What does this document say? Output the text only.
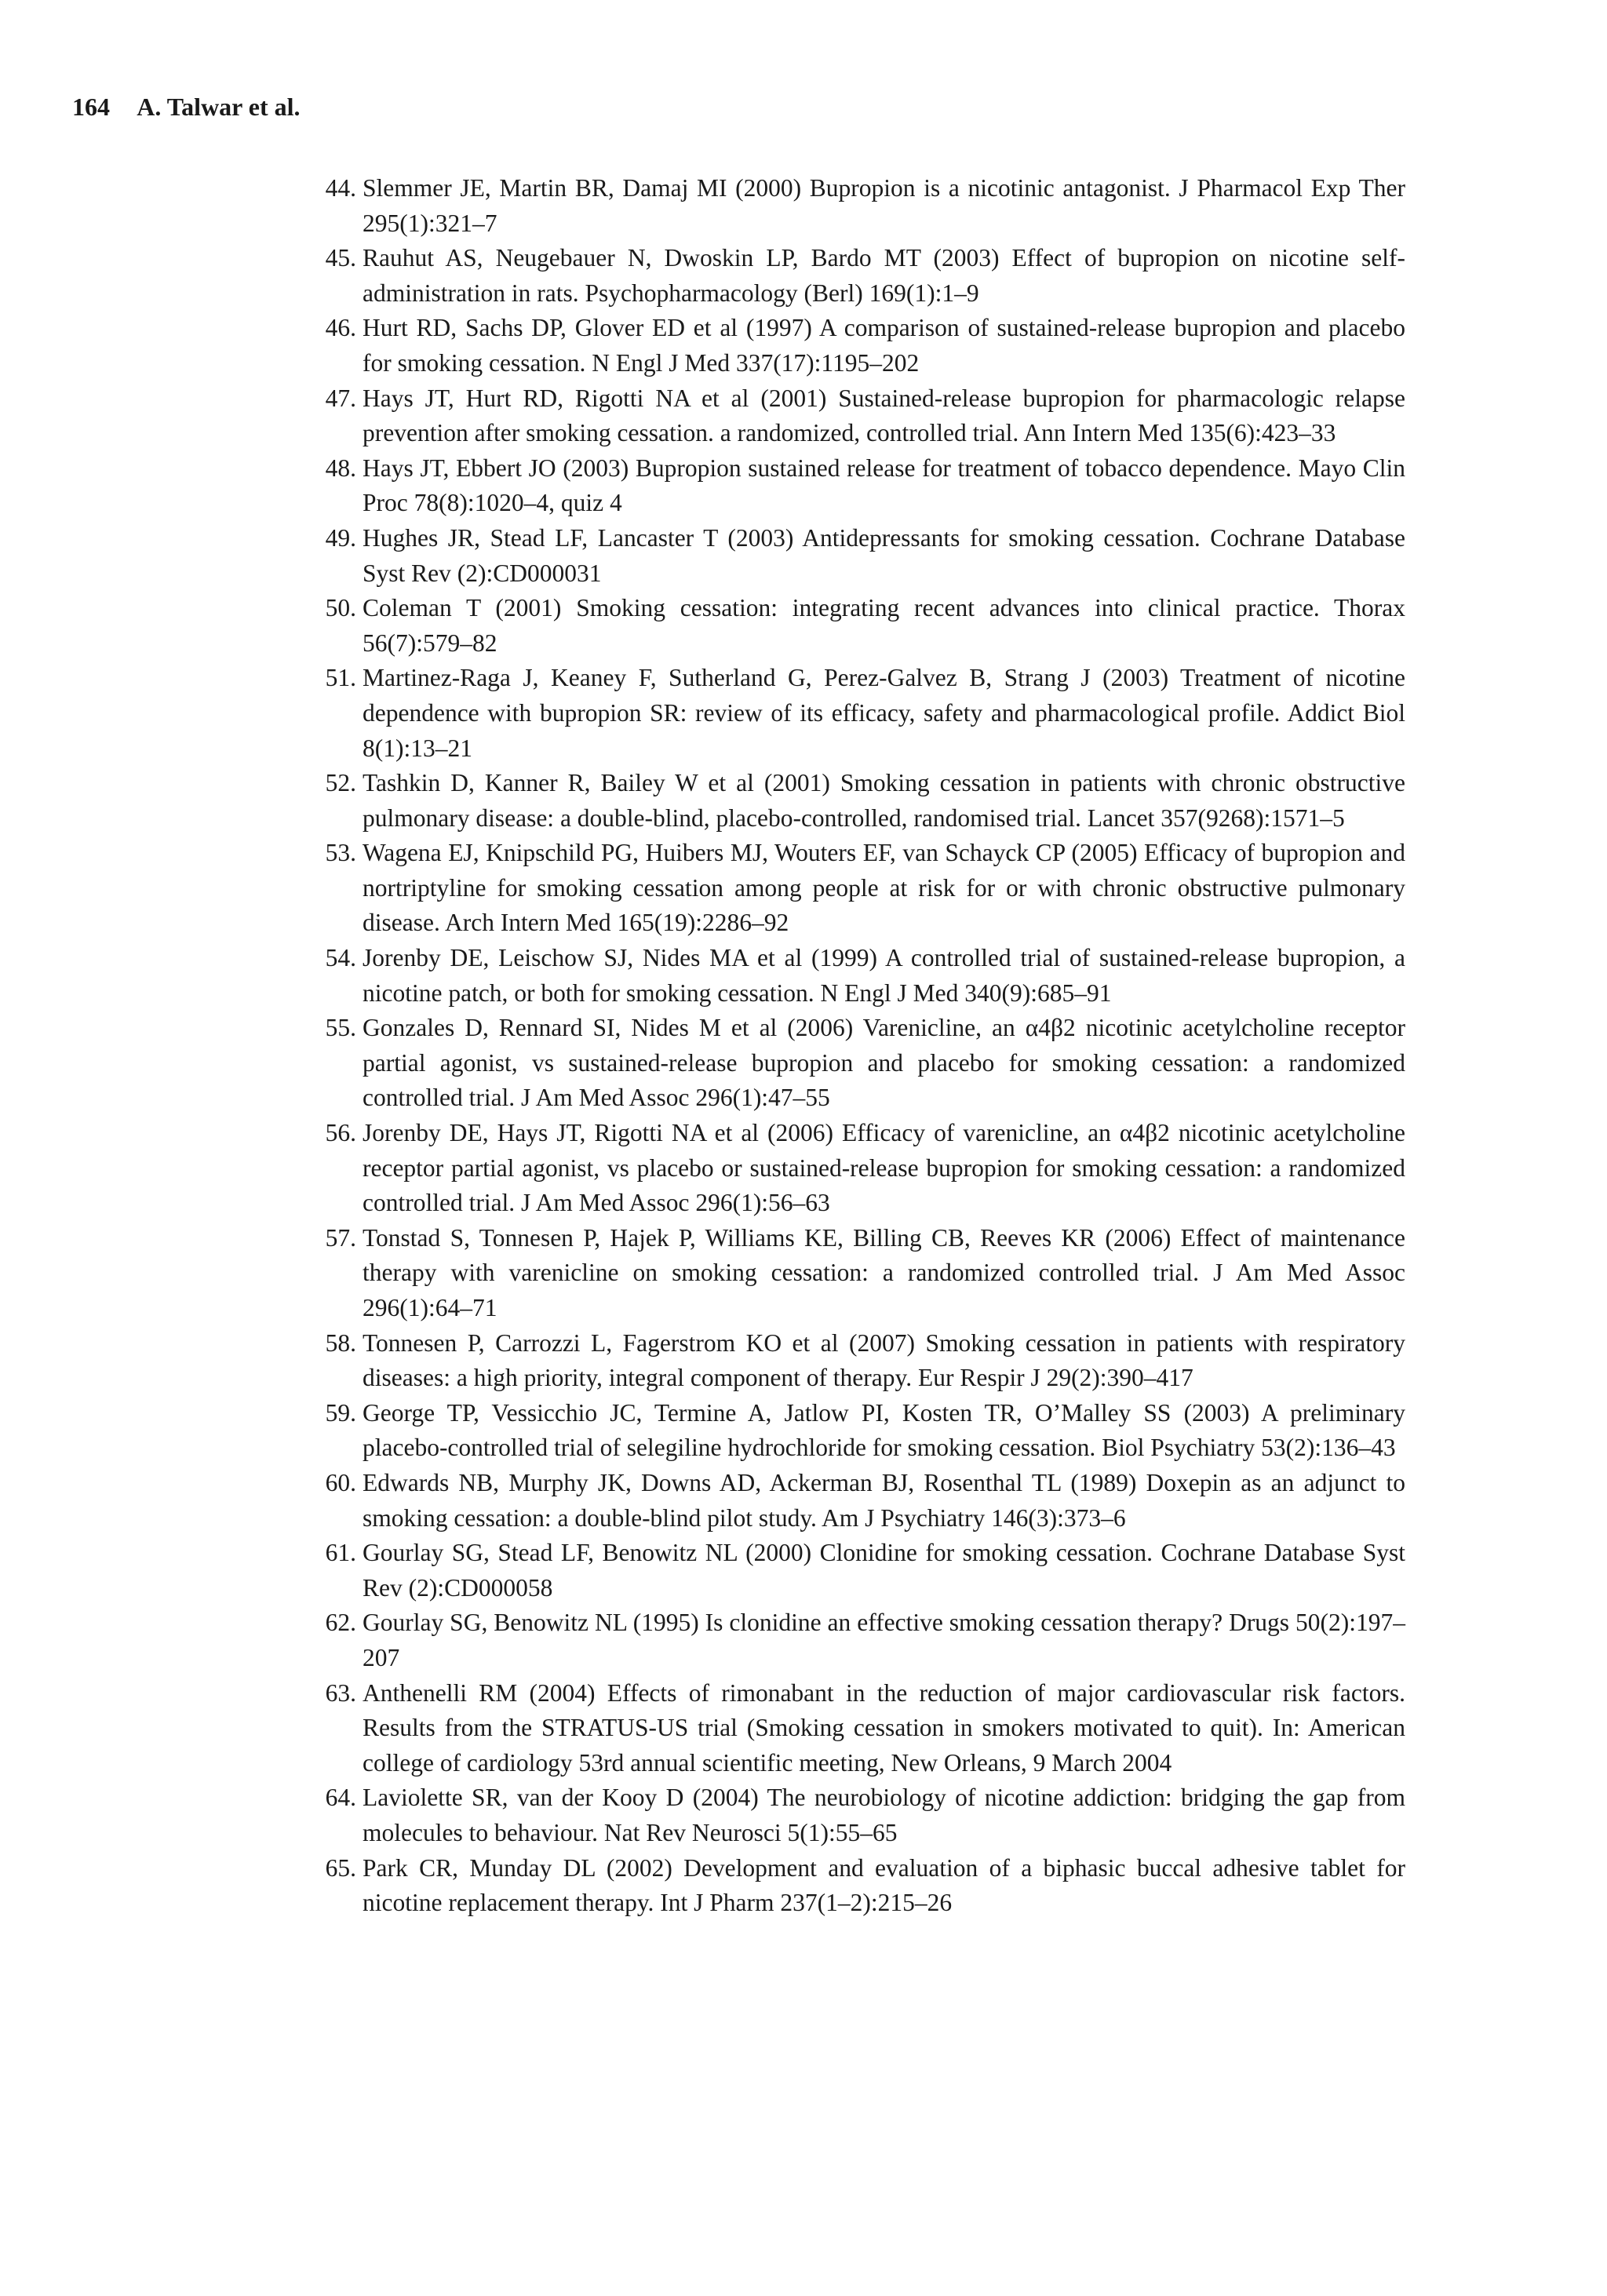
164 A. Talwar et al.
44. Slemmer JE, Martin BR, Damaj MI (2000) Bupropion is a nicotinic antagonist. J Pharmacol Exp Ther 295(1):321–7
45. Rauhut AS, Neugebauer N, Dwoskin LP, Bardo MT (2003) Effect of bupropion on nicotine self-administration in rats. Psychopharmacology (Berl) 169(1):1–9
46. Hurt RD, Sachs DP, Glover ED et al (1997) A comparison of sustained-release bupropion and placebo for smoking cessation. N Engl J Med 337(17):1195–202
47. Hays JT, Hurt RD, Rigotti NA et al (2001) Sustained-release bupropion for pharmacologic relapse prevention after smoking cessation. a randomized, controlled trial. Ann Intern Med 135(6):423–33
48. Hays JT, Ebbert JO (2003) Bupropion sustained release for treatment of tobacco dependence. Mayo Clin Proc 78(8):1020–4, quiz 4
49. Hughes JR, Stead LF, Lancaster T (2003) Antidepressants for smoking cessation. Cochrane Database Syst Rev (2):CD000031
50. Coleman T (2001) Smoking cessation: integrating recent advances into clinical practice. Thorax 56(7):579–82
51. Martinez-Raga J, Keaney F, Sutherland G, Perez-Galvez B, Strang J (2003) Treatment of nicotine dependence with bupropion SR: review of its efficacy, safety and pharmacological profile. Addict Biol 8(1):13–21
52. Tashkin D, Kanner R, Bailey W et al (2001) Smoking cessation in patients with chronic obstructive pulmonary disease: a double-blind, placebo-controlled, randomised trial. Lancet 357(9268):1571–5
53. Wagena EJ, Knipschild PG, Huibers MJ, Wouters EF, van Schayck CP (2005) Efficacy of bupropion and nortriptyline for smoking cessation among people at risk for or with chronic obstructive pulmonary disease. Arch Intern Med 165(19):2286–92
54. Jorenby DE, Leischow SJ, Nides MA et al (1999) A controlled trial of sustained-release bupropion, a nicotine patch, or both for smoking cessation. N Engl J Med 340(9):685–91
55. Gonzales D, Rennard SI, Nides M et al (2006) Varenicline, an α4β2 nicotinic acetylcholine receptor partial agonist, vs sustained-release bupropion and placebo for smoking cessation: a randomized controlled trial. J Am Med Assoc 296(1):47–55
56. Jorenby DE, Hays JT, Rigotti NA et al (2006) Efficacy of varenicline, an α4β2 nicotinic acetylcholine receptor partial agonist, vs placebo or sustained-release bupropion for smoking cessation: a randomized controlled trial. J Am Med Assoc 296(1):56–63
57. Tonstad S, Tonnesen P, Hajek P, Williams KE, Billing CB, Reeves KR (2006) Effect of maintenance therapy with varenicline on smoking cessation: a randomized controlled trial. J Am Med Assoc 296(1):64–71
58. Tonnesen P, Carrozzi L, Fagerstrom KO et al (2007) Smoking cessation in patients with respiratory diseases: a high priority, integral component of therapy. Eur Respir J 29(2):390–417
59. George TP, Vessicchio JC, Termine A, Jatlow PI, Kosten TR, O’Malley SS (2003) A preliminary placebo-controlled trial of selegiline hydrochloride for smoking cessation. Biol Psychiatry 53(2):136–43
60. Edwards NB, Murphy JK, Downs AD, Ackerman BJ, Rosenthal TL (1989) Doxepin as an adjunct to smoking cessation: a double-blind pilot study. Am J Psychiatry 146(3):373–6
61. Gourlay SG, Stead LF, Benowitz NL (2000) Clonidine for smoking cessation. Cochrane Database Syst Rev (2):CD000058
62. Gourlay SG, Benowitz NL (1995) Is clonidine an effective smoking cessation therapy? Drugs 50(2):197–207
63. Anthenelli RM (2004) Effects of rimonabant in the reduction of major cardiovascular risk factors. Results from the STRATUS-US trial (Smoking cessation in smokers motivated to quit). In: American college of cardiology 53rd annual scientific meeting, New Orleans, 9 March 2004
64. Laviolette SR, van der Kooy D (2004) The neurobiology of nicotine addiction: bridging the gap from molecules to behaviour. Nat Rev Neurosci 5(1):55–65
65. Park CR, Munday DL (2002) Development and evaluation of a biphasic buccal adhesive tablet for nicotine replacement therapy. Int J Pharm 237(1–2):215–26
